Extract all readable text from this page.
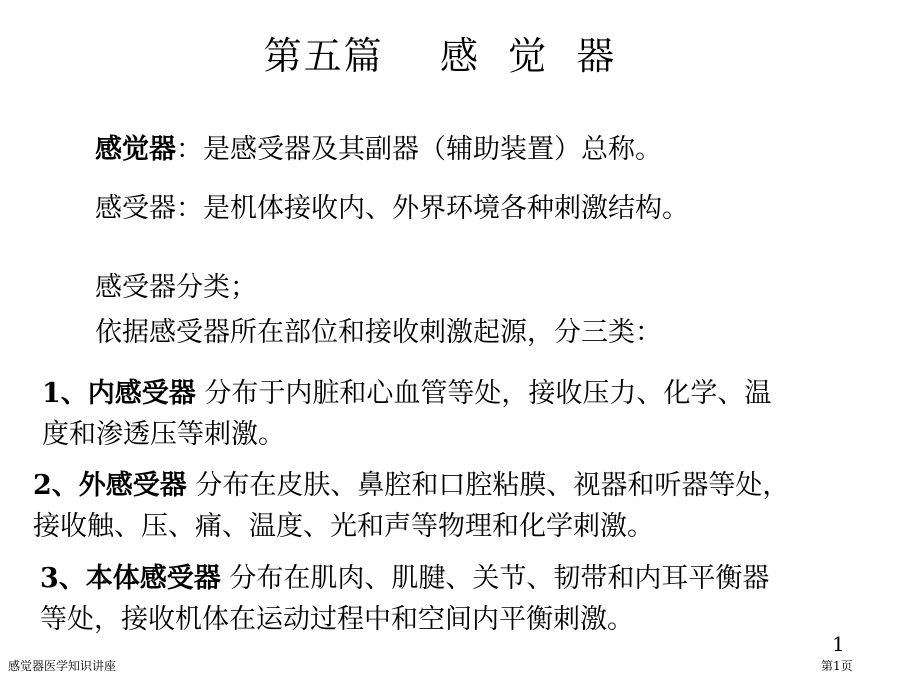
第五篇    感  觉  器
感觉器：是感受器及其副器（辅助装置）总称。
感受器：是机体接收内、外界环境各种刺激结构。
感受器分类；
依据感受器所在部位和接收刺激起源，分三类：
1、内感受器 分布于内脏和心血管等处，接收压力、化学、温
度和渗透压等刺激。
2、外感受器 分布在皮肤、鼻腔和口腔粘膜、视器和听器等处，
接收触、压、痛、温度、光和声等物理和化学刺激。
3、本体感受器 分布在肌肉、肌腱、关节、韧带和内耳平衡器
等处，接收机体在运动过程中和空间内平衡刺激。
1
感觉器医学知识讲座	第1页
